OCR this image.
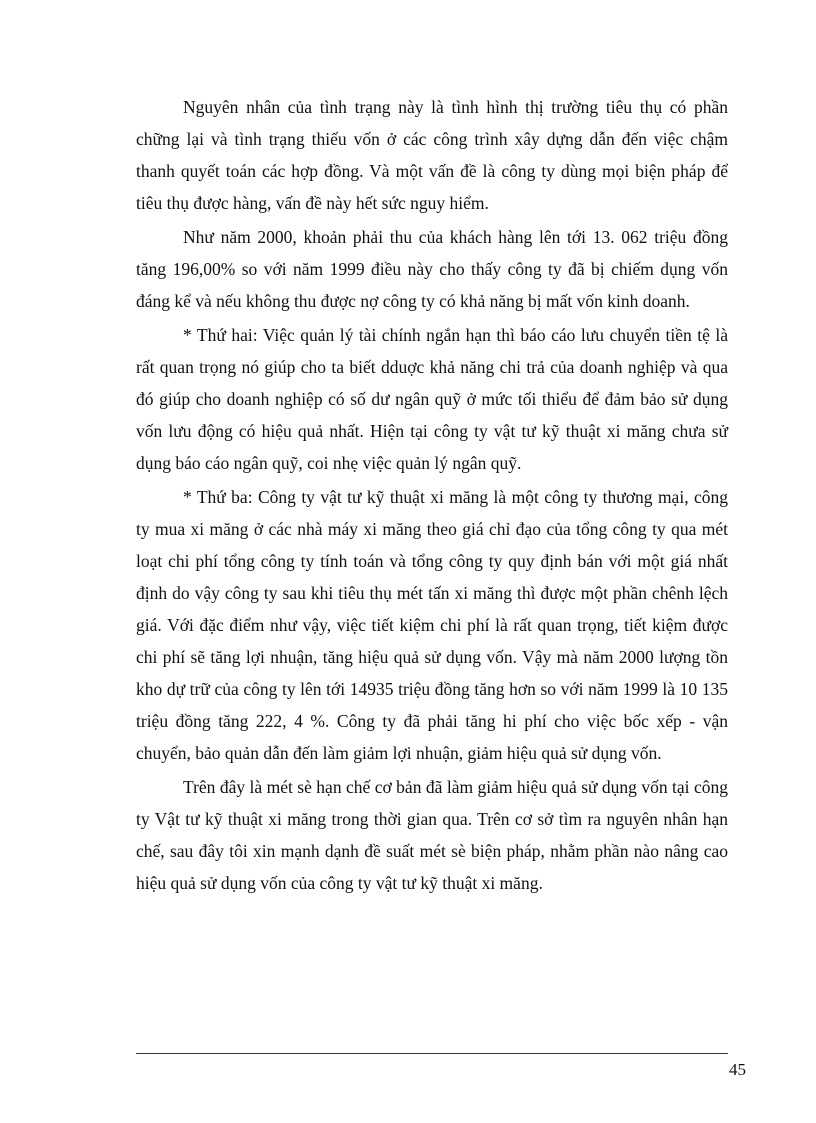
Nguyên nhân của tình trạng này là tình hình thị trường tiêu thụ có phần chững lại và tình trạng thiếu vốn ở các công trình xây dựng dẫn đến việc chậm thanh quyết toán các hợp đồng. Và một vấn đề là công ty dùng mọi biện pháp để tiêu thụ được hàng, vấn đề này hết sức nguy hiểm.

Như năm 2000, khoản phải thu của khách hàng lên tới 13. 062 triệu đồng tăng 196,00% so với năm 1999 điều này cho thấy công ty đã bị chiếm dụng vốn đáng kể và nếu không thu được nợ công ty có khả năng bị mất vốn kinh doanh.

* Thứ hai: Việc quản lý tài chính ngắn hạn thì báo cáo lưu chuyển tiền tệ là rất quan trọng nó giúp cho ta biết dduợc khả năng chi trả của doanh nghiệp và qua đó giúp cho doanh nghiệp có số dư ngân quỹ ở mức tối thiểu để đảm bảo sử dụng vốn lưu động có hiệu quả nhất. Hiện tại công ty vật tư kỹ thuật xi măng chưa sử dụng báo cáo ngân quỹ, coi nhẹ việc quản lý ngân quỹ.

* Thứ ba: Công ty vật tư kỹ thuật xi măng là một công ty thương mại, công ty mua xi măng ở các nhà máy xi măng theo giá chỉ đạo của tổng công ty qua mét loạt chi phí tổng công ty tính toán và tổng công ty quy định bán với một giá nhất định do vậy công ty sau khi tiêu thụ mét tấn xi măng thì được một phần chênh lệch giá. Với đặc điểm như vậy, việc tiết kiệm chi phí là rất quan trọng, tiết kiệm được chi phí sẽ tăng lợi nhuận, tăng hiệu quả sử dụng vốn. Vậy mà năm 2000 lượng tồn kho dự trữ của công ty lên tới 14935 triệu đồng tăng hơn so với năm 1999 là 10 135 triệu đồng tăng 222, 4 %. Công ty đã phải tăng hi phí cho việc bốc xếp - vận chuyển, bảo quản dẫn đến làm giảm lợi nhuận, giảm hiệu quả sử dụng vốn.

Trên đây là mét sè hạn chế cơ bản đã làm giảm hiệu quả sử dụng vốn tại công ty Vật tư kỹ thuật xi măng trong thời gian qua. Trên cơ sở tìm ra nguyên nhân hạn chế, sau đây tôi xin mạnh dạnh đề suất mét sè biện pháp, nhằm phần nào nâng cao hiệu quả sử dụng vốn của công ty vật tư kỹ thuật xi măng.

45
